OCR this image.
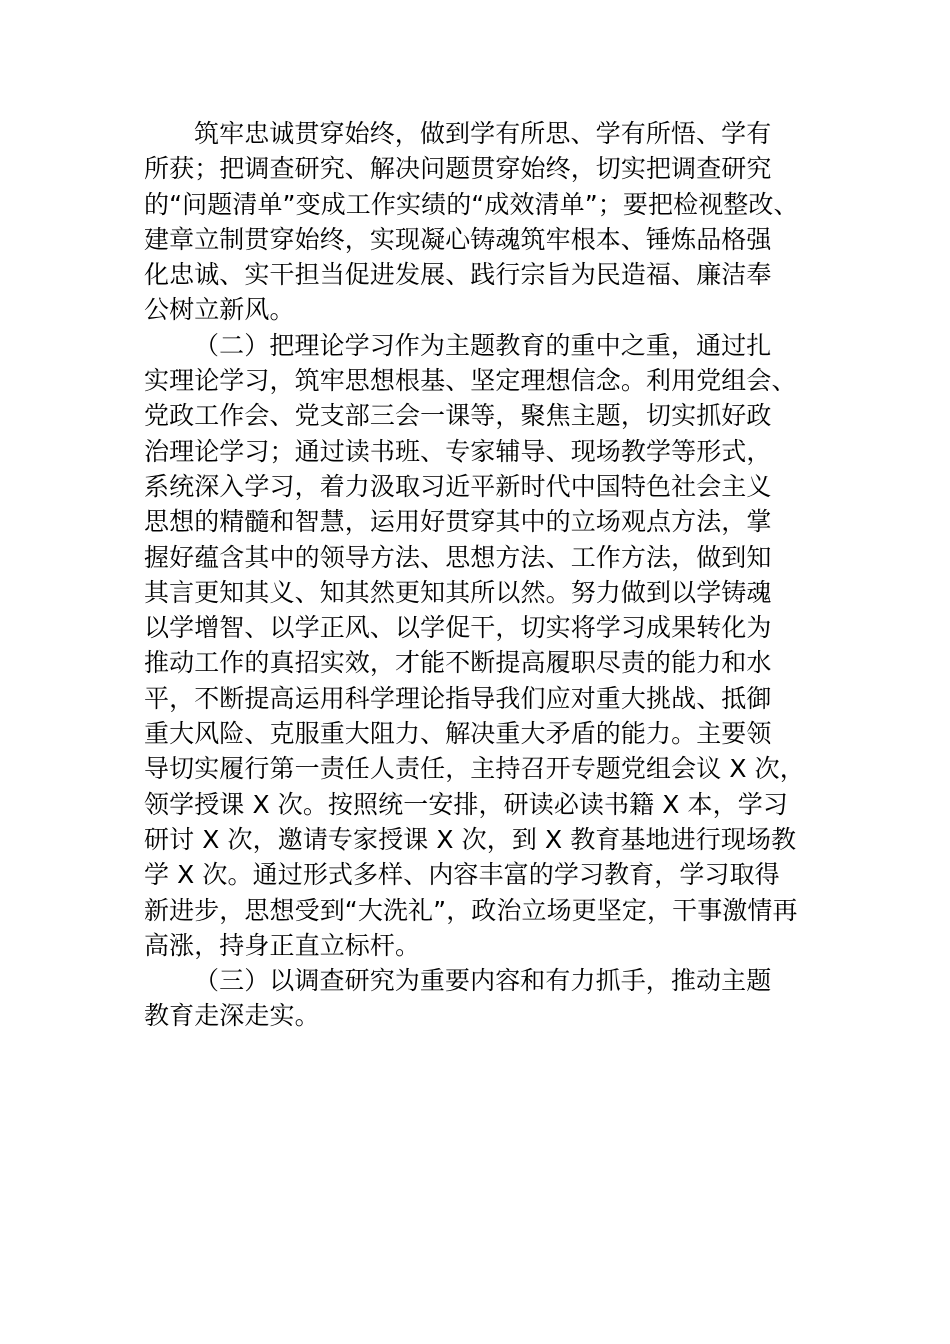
筑牢忠诚贯穿始终，做到学有所思、学有所悟、学有
所获；把调查研究、解决问题贯穿始终，切实把调查研究
的“问题清单”变成工作实绩的“成效清单”；要把检视整改、
建章立制贯穿始终，实现凝心铸魂筑牢根本、锤炼品格强
化忠诚、实干担当促进发展、践行宗旨为民造福、廉洁奉
公树立新风。
（二）把理论学习作为主题教育的重中之重，通过扎
实理论学习，筑牢思想根基、坚定理想信念。利用党组会、
党政工作会、党支部三会一课等，聚焦主题，切实抓好政
治理论学习；通过读书班、专家辅导、现场教学等形式，
系统深入学习，着力汲取习近平新时代中国特色社会主义
思想的精髓和智慧，运用好贯穿其中的立场观点方法，掌
握好蕴含其中的领导方法、思想方法、工作方法，做到知
其言更知其义、知其然更知其所以然。努力做到以学铸魂
以学增智、以学正风、以学促干，切实将学习成果转化为
推动工作的真招实效，才能不断提高履职尽责的能力和水
平，不断提高运用科学理论指导我们应对重大挑战、抵御
重大风险、克服重大阻力、解决重大矛盾的能力。主要领
导切实履行第一责任人责任，主持召开专题党组会议 X 次，
领学授课 X 次。按照统一安排，研读必读书籍 X 本，学习
研讨 X 次，邀请专家授课 X 次，到 X 教育基地进行现场教
学 X 次。通过形式多样、内容丰富的学习教育，学习取得
新进步，思想受到“大洗礼”，政治立场更坚定，干事激情再
高涨，持身正直立标杆。
（三）以调查研究为重要内容和有力抓手，推动主题
教育走深走实。
